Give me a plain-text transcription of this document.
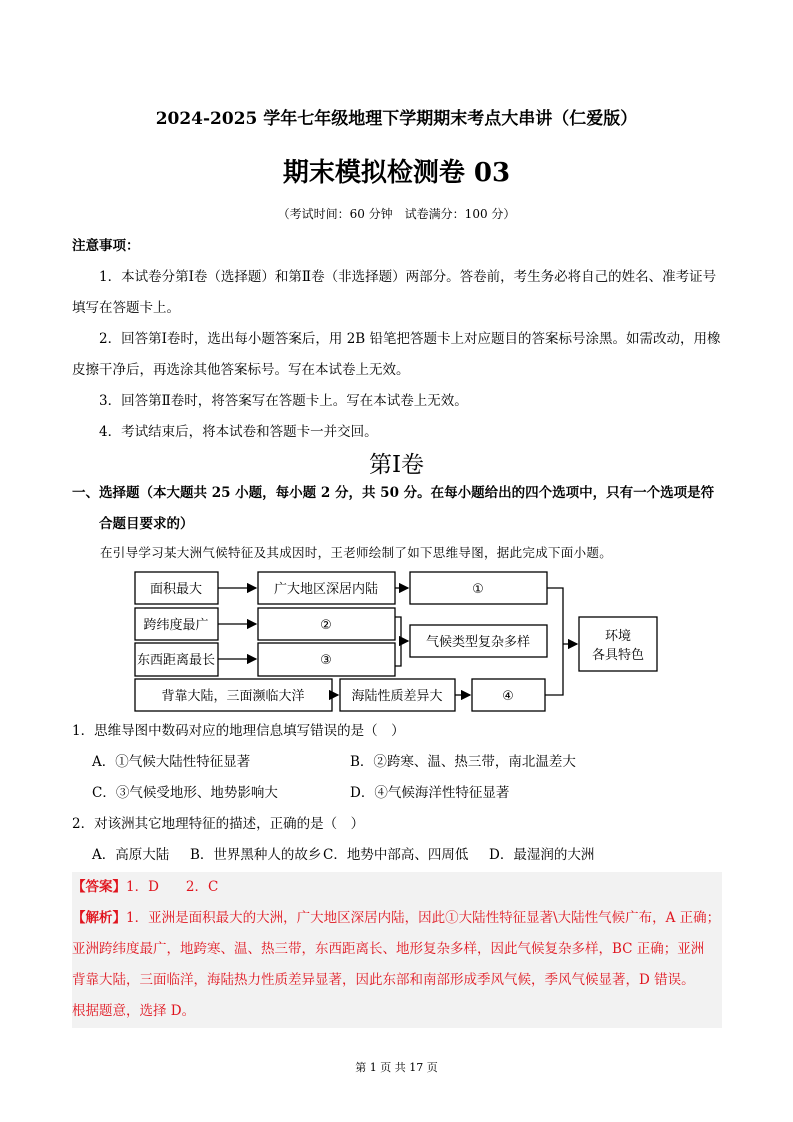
2024-2025 学年七年级地理下学期期末考点大串讲（仁爱版）
期末模拟检测卷 03
（考试时间：60 分钟　试卷满分：100 分）
注意事项：
1．本试卷分第Ⅰ卷（选择题）和第Ⅱ卷（非选择题）两部分。答卷前，考生务必将自己的姓名、准考证号填写在答题卡上。
2．回答第Ⅰ卷时，选出每小题答案后，用 2B 铅笔把答题卡上对应题目的答案标号涂黑。如需改动，用橡皮擦干净后，再选涂其他答案标号。写在本试卷上无效。
3．回答第Ⅱ卷时，将答案写在答题卡上。写在本试卷上无效。
4．考试结束后，将本试卷和答题卡一并交回。
第Ⅰ卷
一、选择题（本大题共 25 小题，每小题 2 分，共 50 分。在每小题给出的四个选项中，只有一个选项是符
合题目要求的）
在引导学习某大洲气候特征及其成因时，王老师绘制了如下思维导图，据此完成下面小题。
面积最大	广大地区深居内陆	①
跨纬度最广	②
气候类型复杂多样
东西距离最长	③
背靠大陆，三面濒临大洋	海陆性质差异大	④
环境
各具特色
1．思维导图中数码对应的地理信息填写错误的是（　）
A．①气候大陆性特征显著	B．②跨寒、温、热三带，南北温差大
C．③气候受地形、地势影响大	D．④气候海洋性特征显著
2．对该洲其它地理特征的描述，正确的是（　）
A．高原大陆	B．世界黑种人的故乡 C．地势中部高、四周低	D．最湿润的大洲
【答案】1．D　　2．C
【解析】1．亚洲是面积最大的大洲，广大地区深居内陆，因此①大陆性特征显著\大陆性气候广布，A 正确；
亚洲跨纬度最广，地跨寒、温、热三带，东西距离长、地形复杂多样，因此气候复杂多样，BC 正确；亚洲
背靠大陆，三面临洋，海陆热力性质差异显著，因此东部和南部形成季风气候，季风气候显著，D 错误。
根据题意，选择 D。
第 1 页 共 17 页
